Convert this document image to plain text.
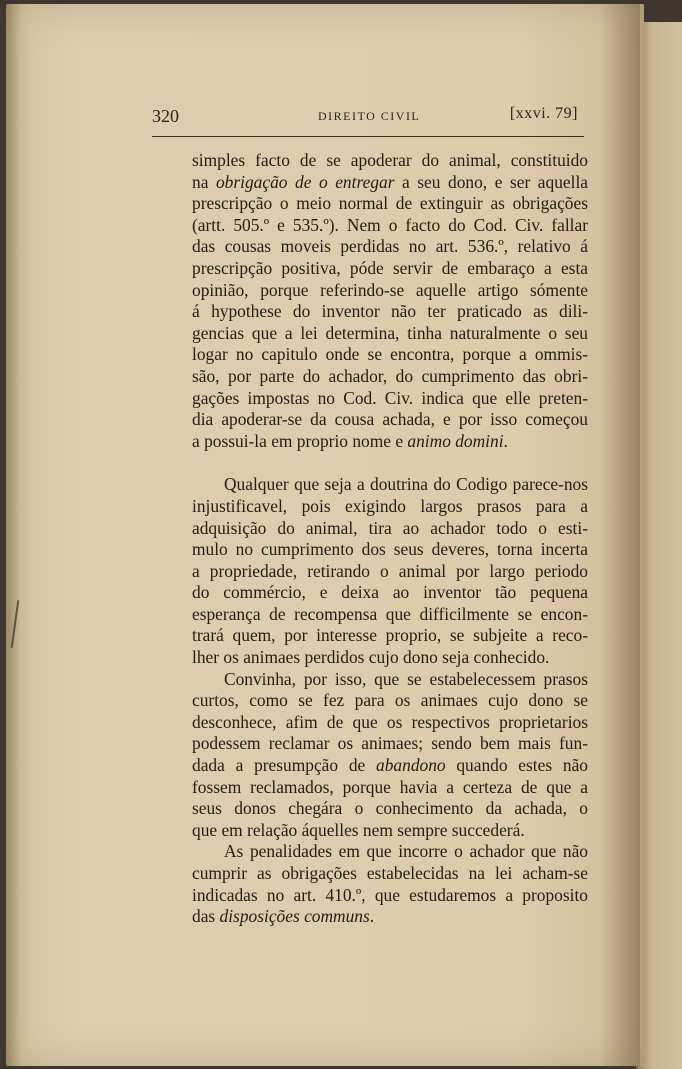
320	DIREITO CIVIL	[xxvi. 79]
simples facto de se apoderar do animal, constituido
na obrigação de o entregar a seu dono, e ser aquella
prescripção o meio normal de extinguir as obrigações
(artt. 505.º e 535.º). Nem o facto do Cod. Civ. fallar
das cousas moveis perdidas no art. 536.º, relativo á
prescripção positiva, póde servir de embaraço a esta
opinião, porque referindo-se aquelle artigo sómente
á hypothese do inventor não ter praticado as dili-
gencias que a lei determina, tinha naturalmente o seu
logar no capitulo onde se encontra, porque a ommis-
são, por parte do achador, do cumprimento das obri-
gações impostas no Cod. Civ. indica que elle preten-
dia apoderar-se da cousa achada, e por isso começou
a possui-la em proprio nome e animo domini.
Qualquer que seja a doutrina do Codigo parece-nos
injustificavel, pois exigindo largos prasos para a
adquisição do animal, tira ao achador todo o esti-
mulo no cumprimento dos seus deveres, torna incerta
a propriedade, retirando o animal por largo periodo
do commércio, e deixa ao inventor tão pequena
esperança de recompensa que difficilmente se encon-
trará quem, por interesse proprio, se subjeite a reco-
lher os animaes perdidos cujo dono seja conhecido.
Convinha, por isso, que se estabelecessem prasos
curtos, como se fez para os animaes cujo dono se
desconhece, afim de que os respectivos proprietarios
podessem reclamar os animaes; sendo bem mais fun-
dada a presumpção de abandono quando estes não
fossem reclamados, porque havia a certeza de que a
seus donos chegára o conhecimento da achada, o
que em relação áquelles nem sempre succederá.
As penalidades em que incorre o achador que não
cumprir as obrigações estabelecidas na lei acham-se
indicadas no art. 410.º, que estudaremos a proposito
das disposições communs.
